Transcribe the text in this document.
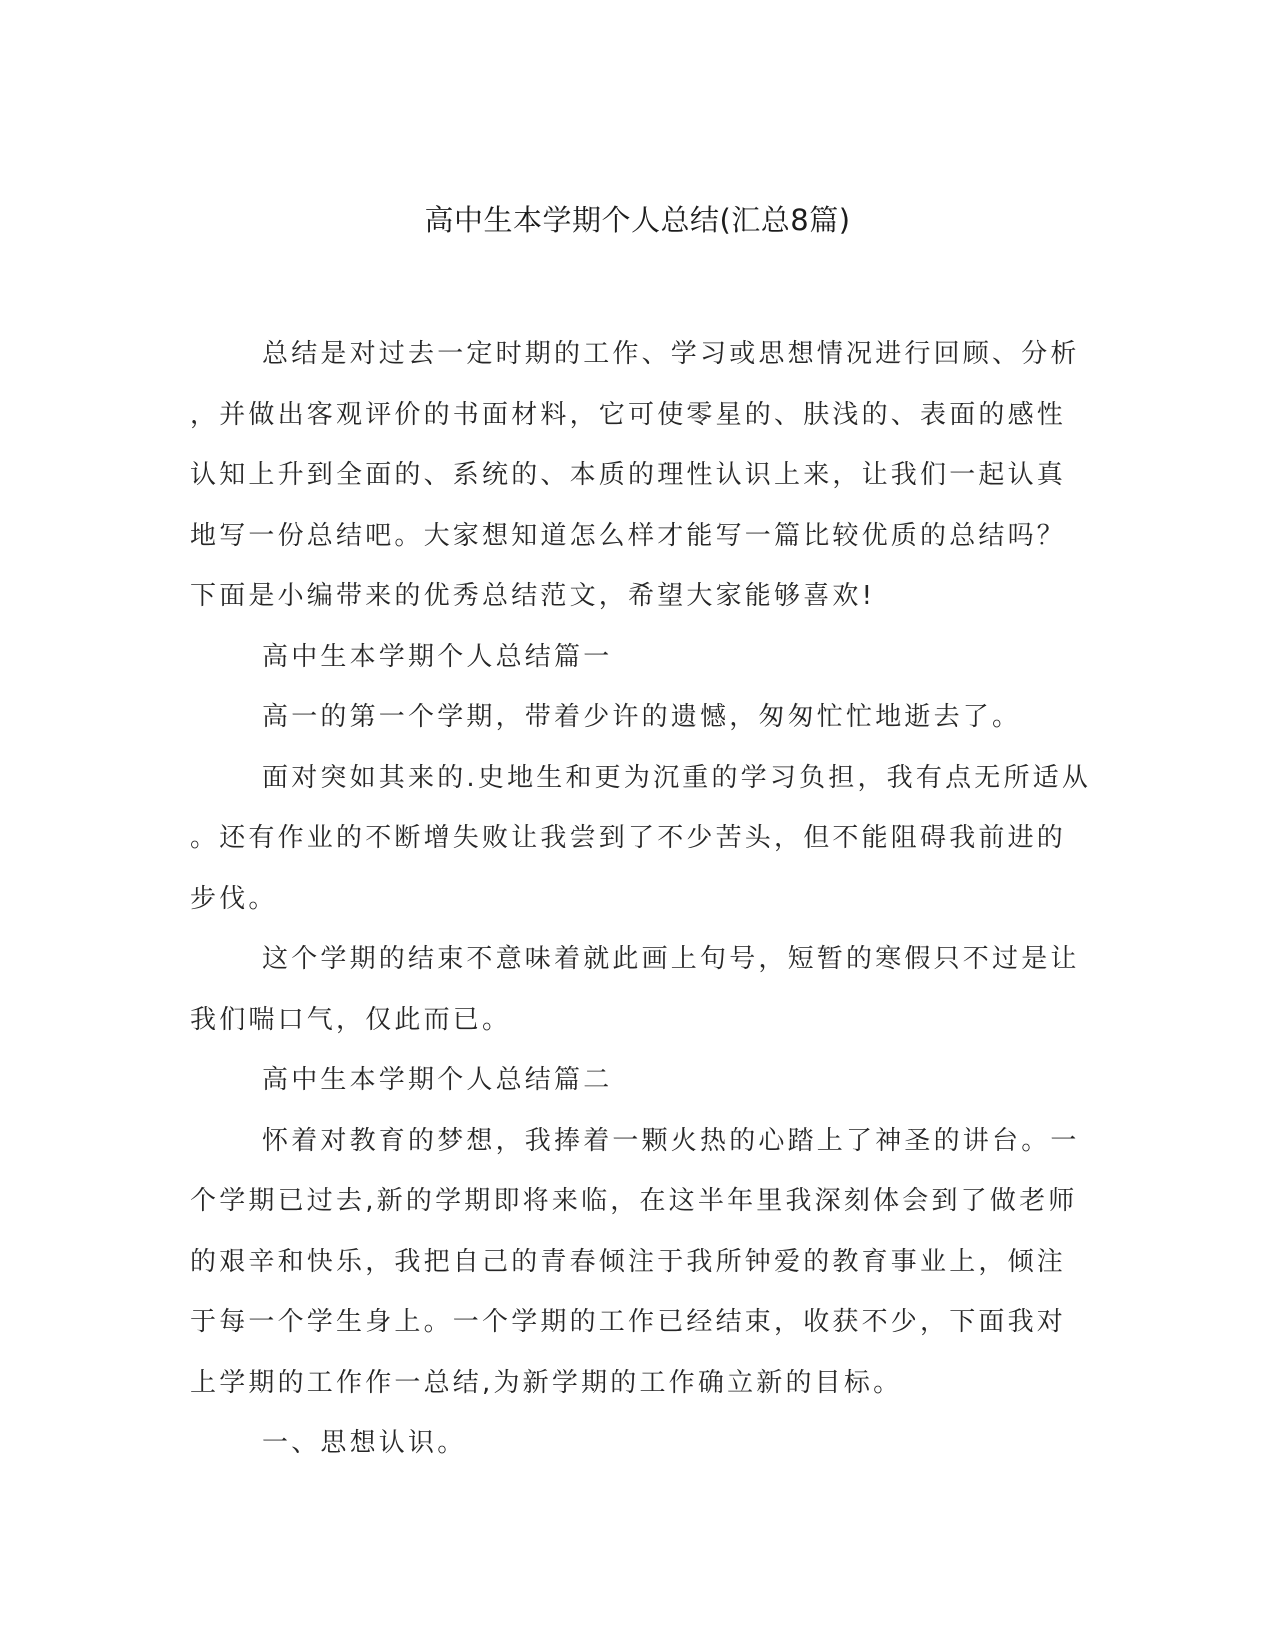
高中生本学期个人总结(汇总8篇)
总结是对过去一定时期的工作、学习或思想情况进行回顾、分析
，并做出客观评价的书面材料，它可使零星的、肤浅的、表面的感性
认知上升到全面的、系统的、本质的理性认识上来，让我们一起认真
地写一份总结吧。大家想知道怎么样才能写一篇比较优质的总结吗？
下面是小编带来的优秀总结范文，希望大家能够喜欢!
高中生本学期个人总结篇一
高一的第一个学期，带着少许的遗憾，匆匆忙忙地逝去了。
面对突如其来的.史地生和更为沉重的学习负担，我有点无所适从
。还有作业的不断增失败让我尝到了不少苦头，但不能阻碍我前进的
步伐。
这个学期的结束不意味着就此画上句号，短暂的寒假只不过是让
我们喘口气，仅此而已。
高中生本学期个人总结篇二
怀着对教育的梦想，我捧着一颗火热的心踏上了神圣的讲台。一
个学期已过去,新的学期即将来临，在这半年里我深刻体会到了做老师
的艰辛和快乐，我把自己的青春倾注于我所钟爱的教育事业上，倾注
于每一个学生身上。一个学期的工作已经结束，收获不少，下面我对
上学期的工作作一总结,为新学期的工作确立新的目标。
一、思想认识。
